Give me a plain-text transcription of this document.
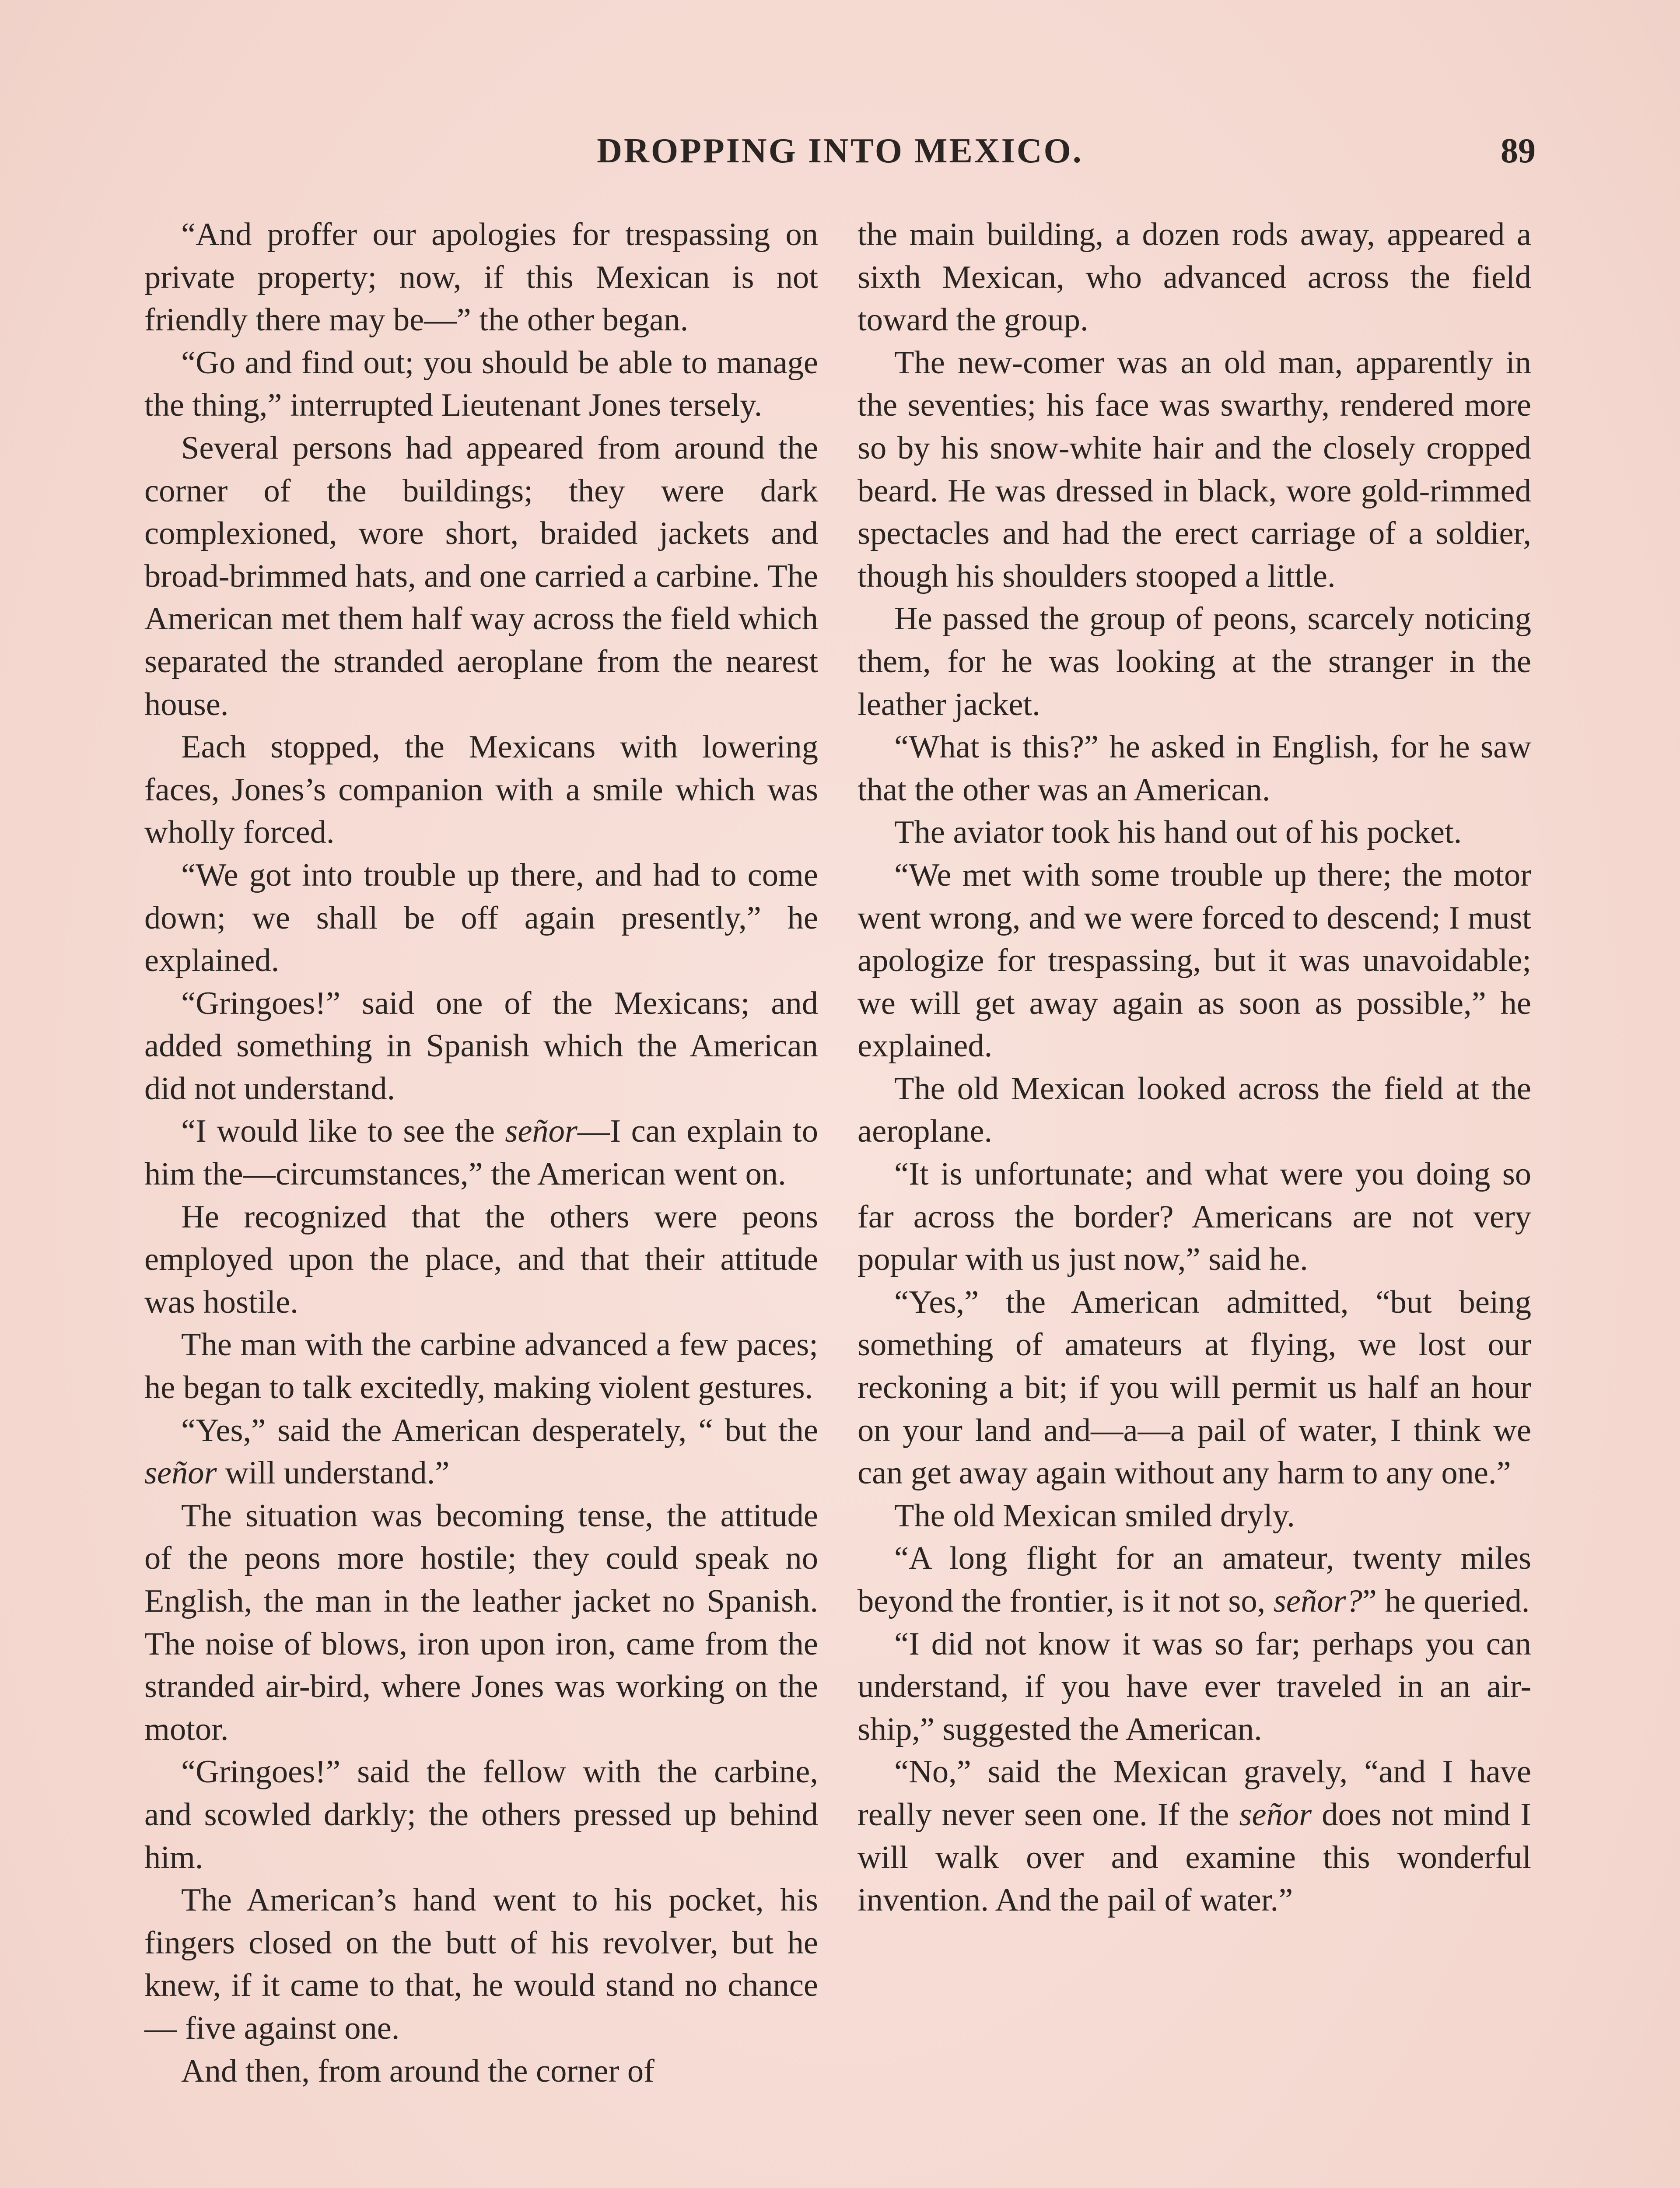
DROPPING INTO MEXICO.	89

“And proffer our apologies for trespassing on private property; now, if this Mexican is not friendly there may be—” the other began.

“Go and find out; you should be able to manage the thing,” interrupted Lieutenant Jones tersely.

Several persons had appeared from around the corner of the buildings; they were dark complexioned, wore short, braided jackets and broad-brimmed hats, and one carried a carbine. The American met them half way across the field which separated the stranded aeroplane from the nearest house.

Each stopped, the Mexicans with lowering faces, Jones’s companion with a smile which was wholly forced.

“We got into trouble up there, and had to come down; we shall be off again presently,” he explained.

“Gringoes!” said one of the Mexicans; and added something in Spanish which the American did not understand.

“I would like to see the señor—I can explain to him the—circumstances,” the American went on.

He recognized that the others were peons employed upon the place, and that their attitude was hostile.

The man with the carbine advanced a few paces; he began to talk excitedly, making violent gestures.

“Yes,” said the American desperately, “ but the señor will understand.”

The situation was becoming tense, the attitude of the peons more hostile; they could speak no English, the man in the leather jacket no Spanish. The noise of blows, iron upon iron, came from the stranded air-bird, where Jones was working on the motor.

“Gringoes!” said the fellow with the carbine, and scowled darkly; the others pressed up behind him.

The American’s hand went to his pocket, his fingers closed on the butt of his revolver, but he knew, if it came to that, he would stand no chance — five against one.

And then, from around the corner of

the main building, a dozen rods away, appeared a sixth Mexican, who advanced across the field toward the group.

The new-comer was an old man, apparently in the seventies; his face was swarthy, rendered more so by his snow-white hair and the closely cropped beard. He was dressed in black, wore gold-rimmed spectacles and had the erect carriage of a soldier, though his shoulders stooped a little.

He passed the group of peons, scarcely noticing them, for he was looking at the stranger in the leather jacket.

“What is this?” he asked in English, for he saw that the other was an American.

The aviator took his hand out of his pocket.

“We met with some trouble up there; the motor went wrong, and we were forced to descend; I must apologize for trespassing, but it was unavoidable; we will get away again as soon as possible,” he explained.

The old Mexican looked across the field at the aeroplane.

“It is unfortunate; and what were you doing so far across the border? Americans are not very popular with us just now,” said he.

“Yes,” the American admitted, “but being something of amateurs at flying, we lost our reckoning a bit; if you will permit us half an hour on your land and—a—a pail of water, I think we can get away again without any harm to any one.”

The old Mexican smiled dryly.

“A long flight for an amateur, twenty miles beyond the frontier, is it not so, señor?” he queried.

“I did not know it was so far; perhaps you can understand, if you have ever traveled in an air-ship,” suggested the American.

“No,” said the Mexican gravely, “and I have really never seen one. If the señor does not mind I will walk over and examine this wonderful invention. And the pail of water.”
